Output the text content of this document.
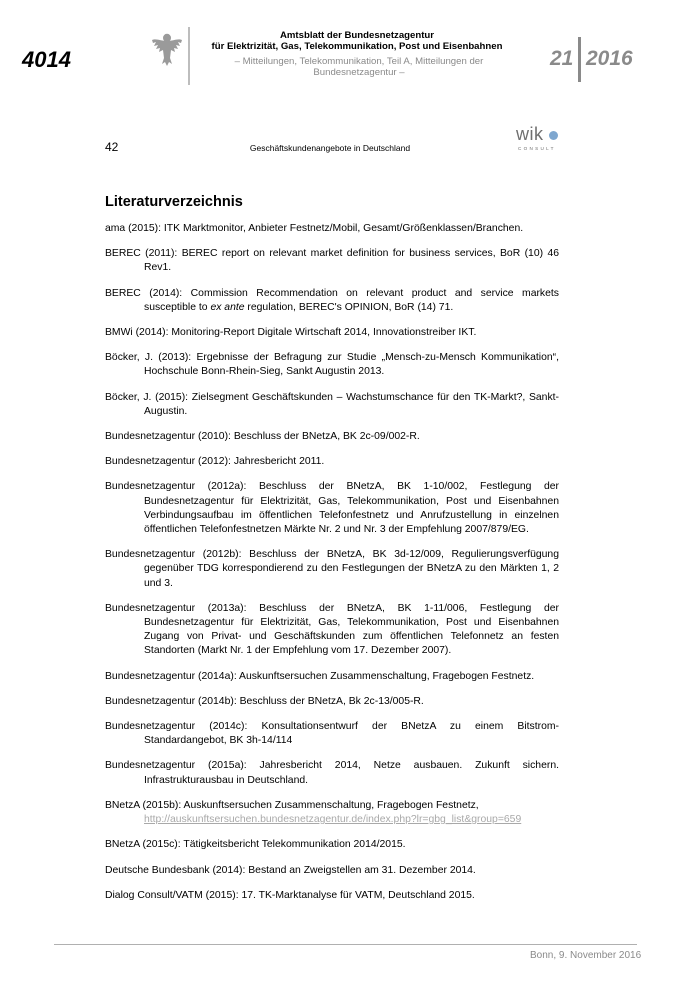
4014
Amtsblatt der Bundesnetzagentur
für Elektrizität, Gas, Telekommunikation, Post und Eisenbahnen
– Mitteilungen, Telekommunikation, Teil A, Mitteilungen der Bundesnetzagentur –
21 2016
42	Geschäftskundenangebote in Deutschland
wik
CONSULT
Literaturverzeichnis
ama (2015): ITK Marktmonitor, Anbieter Festnetz/Mobil, Gesamt/Größenklassen/Branchen.
BEREC (2011): BEREC report on relevant market definition for business services, BoR (10) 46 Rev1.
BEREC (2014): Commission Recommendation on relevant product and service markets susceptible to ex ante regulation, BEREC's OPINION, BoR (14) 71.
BMWi (2014): Monitoring-Report Digitale Wirtschaft 2014, Innovationstreiber IKT.
Böcker, J. (2013): Ergebnisse der Befragung zur Studie „Mensch-zu-Mensch Kommunikation“, Hochschule Bonn-Rhein-Sieg, Sankt Augustin 2013.
Böcker, J. (2015): Zielsegment Geschäftskunden – Wachstumschance für den TK-Markt?, Sankt-Augustin.
Bundesnetzagentur (2010): Beschluss der BNetzA, BK 2c-09/002-R.
Bundesnetzagentur (2012): Jahresbericht 2011.
Bundesnetzagentur (2012a): Beschluss der BNetzA, BK 1-10/002, Festlegung der Bundesnetzagentur für Elektrizität, Gas, Telekommunikation, Post und Eisenbahnen Verbindungsaufbau im öffentlichen Telefonfestnetz und Anrufzustellung in einzelnen öffentlichen Telefonfestnetzen Märkte Nr. 2 und Nr. 3 der Empfehlung 2007/879/EG.
Bundesnetzagentur (2012b): Beschluss der BNetzA, BK 3d-12/009, Regulierungsverfügung gegenüber TDG korrespondierend zu den Festlegungen der BNetzA zu den Märkten 1, 2 und 3.
Bundesnetzagentur (2013a): Beschluss der BNetzA, BK 1-11/006, Festlegung der Bundesnetzagentur für Elektrizität, Gas, Telekommunikation, Post und Eisenbahnen Zugang von Privat- und Geschäftskunden zum öffentlichen Telefonnetz an festen Standorten (Markt Nr. 1 der Empfehlung vom 17. Dezember 2007).
Bundesnetzagentur (2014a): Auskunftsersuchen Zusammenschaltung, Fragebogen Festnetz.
Bundesnetzagentur (2014b): Beschluss der BNetzA, Bk 2c-13/005-R.
Bundesnetzagentur (2014c): Konsultationsentwurf der BNetzA zu einem Bitstrom-Standardangebot, BK 3h-14/114
Bundesnetzagentur (2015a): Jahresbericht 2014, Netze ausbauen. Zukunft sichern. Infrastrukturausbau in Deutschland.
BNetzA (2015b): Auskunftsersuchen Zusammenschaltung, Fragebogen Festnetz,
http://auskunftsersuchen.bundesnetzagentur.de/index.php?lr=gbg_list&group=659
BNetzA (2015c): Tätigkeitsbericht Telekommunikation 2014/2015.
Deutsche Bundesbank (2014): Bestand an Zweigstellen am 31. Dezember 2014.
Dialog Consult/VATM (2015): 17. TK-Marktanalyse für VATM, Deutschland 2015.
Bonn, 9. November 2016
